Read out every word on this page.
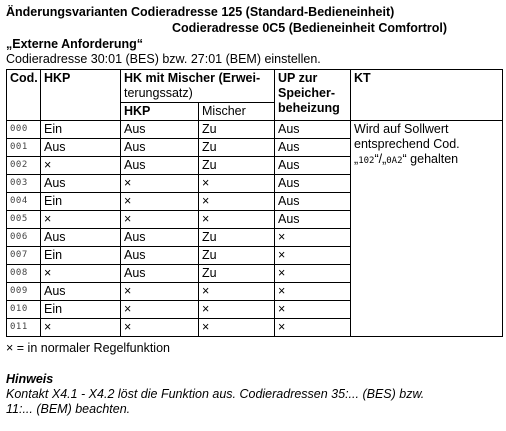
Änderungsvarianten Codieradresse 125 (Standard-Bedieneinheit)
Codieradresse 0C5 (Bedieneinheit Comfortrol)
„Externe Anforderung“
Codieradresse 30:01 (BES) bzw. 27:01 (BEM) einstellen.
Cod.	HKP	HK mit Mischer (Erwei-
terungssatz)		UP zur
Speicher-
beheizung	KT
		HKP	Mischer		
000	Ein	Aus	Zu	Aus	Wird auf Sollwert
entsprechend Cod.
„102“/„0A2“ gehalten
001	Aus	Aus	Zu	Aus	
002	×	Aus	Zu	Aus	
003	Aus	×	×	Aus	
004	Ein	×	×	Aus	
005	×	×	×	Aus	
006	Aus	Aus	Zu	×	
007	Ein	Aus	Zu	×	
008	×	Aus	Zu	×	
009	Aus	×	×	×	
010	Ein	×	×	×	
011	×	×	×	×	
× = in normaler Regelfunktion
Hinweis
Kontakt X4.1 - X4.2 löst die Funktion aus. Codieradressen 35:... (BES) bzw.
11:... (BEM) beachten.
